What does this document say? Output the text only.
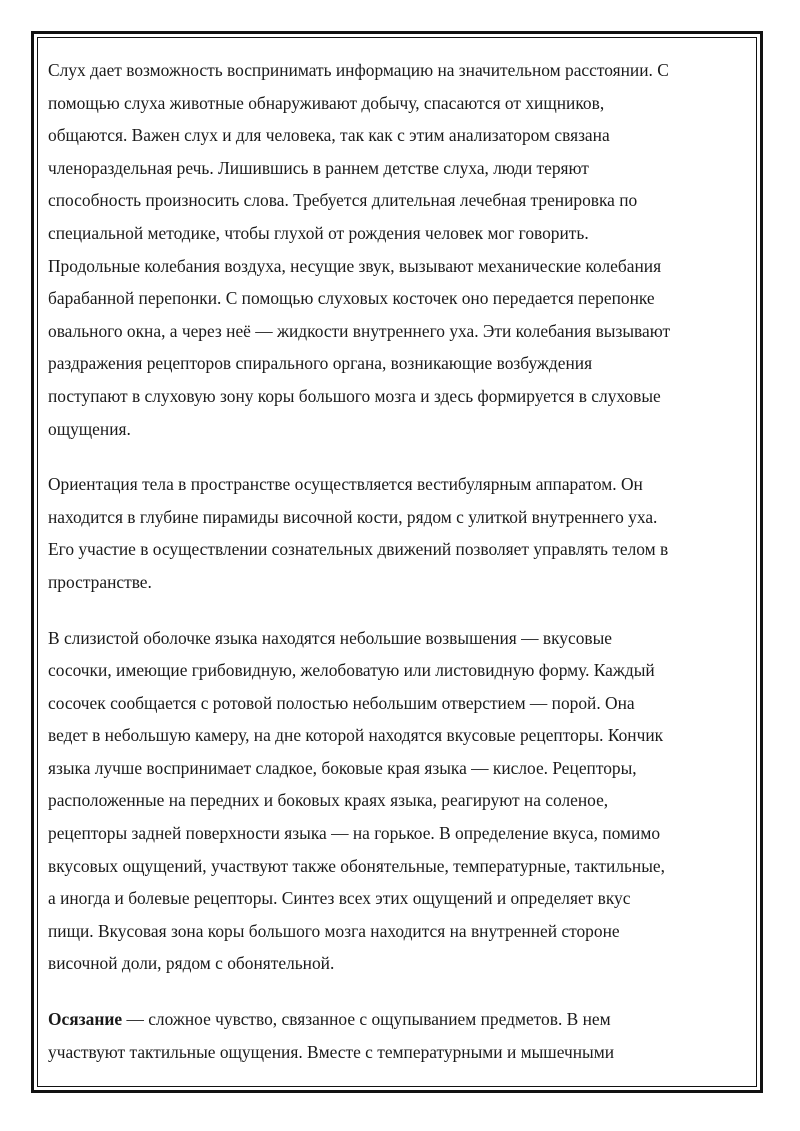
Слух дает возможность воспринимать информацию на значительном расстоянии. С
помощью слуха животные обнаруживают добычу, спасаются от хищников,
общаются. Важен слух и для человека, так как с этим анализатором связана
членораздельная речь. Лишившись в раннем детстве слуха, люди теряют
способность произносить слова. Требуется длительная лечебная тренировка по
специальной методике, чтобы глухой от рождения человек мог говорить.
Продольные колебания воздуха, несущие звук, вызывают механические колебания
барабанной перепонки. С помощью слуховых косточек оно передается перепонке
овального окна, а через неё — жидкости внутреннего уха. Эти колебания вызывают
раздражения рецепторов спирального органа, возникающие возбуждения
поступают в слуховую зону коры большого мозга и здесь формируется в слуховые
ощущения.

Ориентация тела в пространстве осуществляется вестибулярным аппаратом. Он
находится в глубине пирамиды височной кости, рядом с улиткой внутреннего уха.
Его участие в осуществлении сознательных движений позволяет управлять телом в
пространстве.

В слизистой оболочке языка находятся небольшие возвышения — вкусовые
сосочки, имеющие грибовидную, желобоватую или листовидную форму. Каждый
сосочек сообщается с ротовой полостью небольшим отверстием — порой. Она
ведет в небольшую камеру, на дне которой находятся вкусовые рецепторы. Кончик
языка лучше воспринимает сладкое, боковые края языка — кислое. Рецепторы,
расположенные на передних и боковых краях языка, реагируют на соленое,
рецепторы задней поверхности языка — на горькое. В определение вкуса, помимо
вкусовых ощущений, участвуют также обонятельные, температурные, тактильные,
а иногда и болевые рецепторы. Синтез всех этих ощущений и определяет вкус
пищи. Вкусовая зона коры большого мозга находится на внутренней стороне
височной доли, рядом с обонятельной.

Осязание — сложное чувство, связанное с ощупыванием предметов. В нем
участвуют тактильные ощущения. Вместе с температурными и мышечными
